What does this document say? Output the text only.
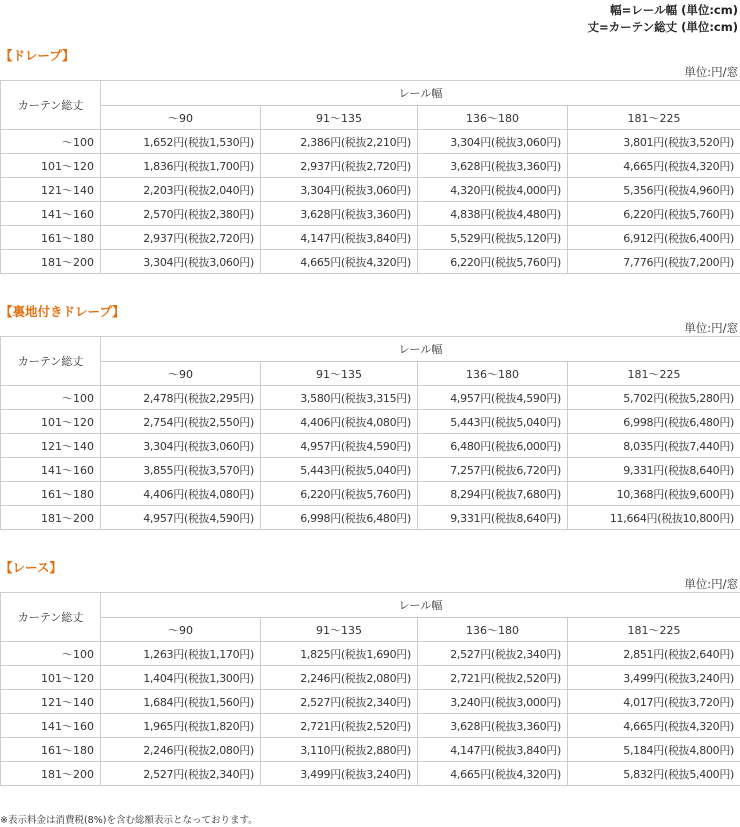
幅=レール幅 (単位:cm)
丈=カーテン総丈 (単位:cm)
【ドレープ】
単位:円/窓
カーテン総丈	レール幅			
	～90	91～135	136～180	181～225
～100	1,652円(税抜1,530円)	2,386円(税抜2,210円)	3,304円(税抜3,060円)	3,801円(税抜3,520円)
101～120	1,836円(税抜1,700円)	2,937円(税抜2,720円)	3,628円(税抜3,360円)	4,665円(税抜4,320円)
121～140	2,203円(税抜2,040円)	3,304円(税抜3,060円)	4,320円(税抜4,000円)	5,356円(税抜4,960円)
141～160	2,570円(税抜2,380円)	3,628円(税抜3,360円)	4,838円(税抜4,480円)	6,220円(税抜5,760円)
161～180	2,937円(税抜2,720円)	4,147円(税抜3,840円)	5,529円(税抜5,120円)	6,912円(税抜6,400円)
181～200	3,304円(税抜3,060円)	4,665円(税抜4,320円)	6,220円(税抜5,760円)	7,776円(税抜7,200円)
【裏地付きドレープ】
単位:円/窓
カーテン総丈	レール幅			
	～90	91～135	136～180	181～225
～100	2,478円(税抜2,295円)	3,580円(税抜3,315円)	4,957円(税抜4,590円)	5,702円(税抜5,280円)
101～120	2,754円(税抜2,550円)	4,406円(税抜4,080円)	5,443円(税抜5,040円)	6,998円(税抜6,480円)
121～140	3,304円(税抜3,060円)	4,957円(税抜4,590円)	6,480円(税抜6,000円)	8,035円(税抜7,440円)
141～160	3,855円(税抜3,570円)	5,443円(税抜5,040円)	7,257円(税抜6,720円)	9,331円(税抜8,640円)
161～180	4,406円(税抜4,080円)	6,220円(税抜5,760円)	8,294円(税抜7,680円)	10,368円(税抜9,600円)
181～200	4,957円(税抜4,590円)	6,998円(税抜6,480円)	9,331円(税抜8,640円)	11,664円(税抜10,800円)
【レース】
単位:円/窓
カーテン総丈	レール幅			
	～90	91～135	136～180	181～225
～100	1,263円(税抜1,170円)	1,825円(税抜1,690円)	2,527円(税抜2,340円)	2,851円(税抜2,640円)
101～120	1,404円(税抜1,300円)	2,246円(税抜2,080円)	2,721円(税抜2,520円)	3,499円(税抜3,240円)
121～140	1,684円(税抜1,560円)	2,527円(税抜2,340円)	3,240円(税抜3,000円)	4,017円(税抜3,720円)
141～160	1,965円(税抜1,820円)	2,721円(税抜2,520円)	3,628円(税抜3,360円)	4,665円(税抜4,320円)
161～180	2,246円(税抜2,080円)	3,110円(税抜2,880円)	4,147円(税抜3,840円)	5,184円(税抜4,800円)
181～200	2,527円(税抜2,340円)	3,499円(税抜3,240円)	4,665円(税抜4,320円)	5,832円(税抜5,400円)
※表示料金は消費税(8%)を含む総額表示となっております。
